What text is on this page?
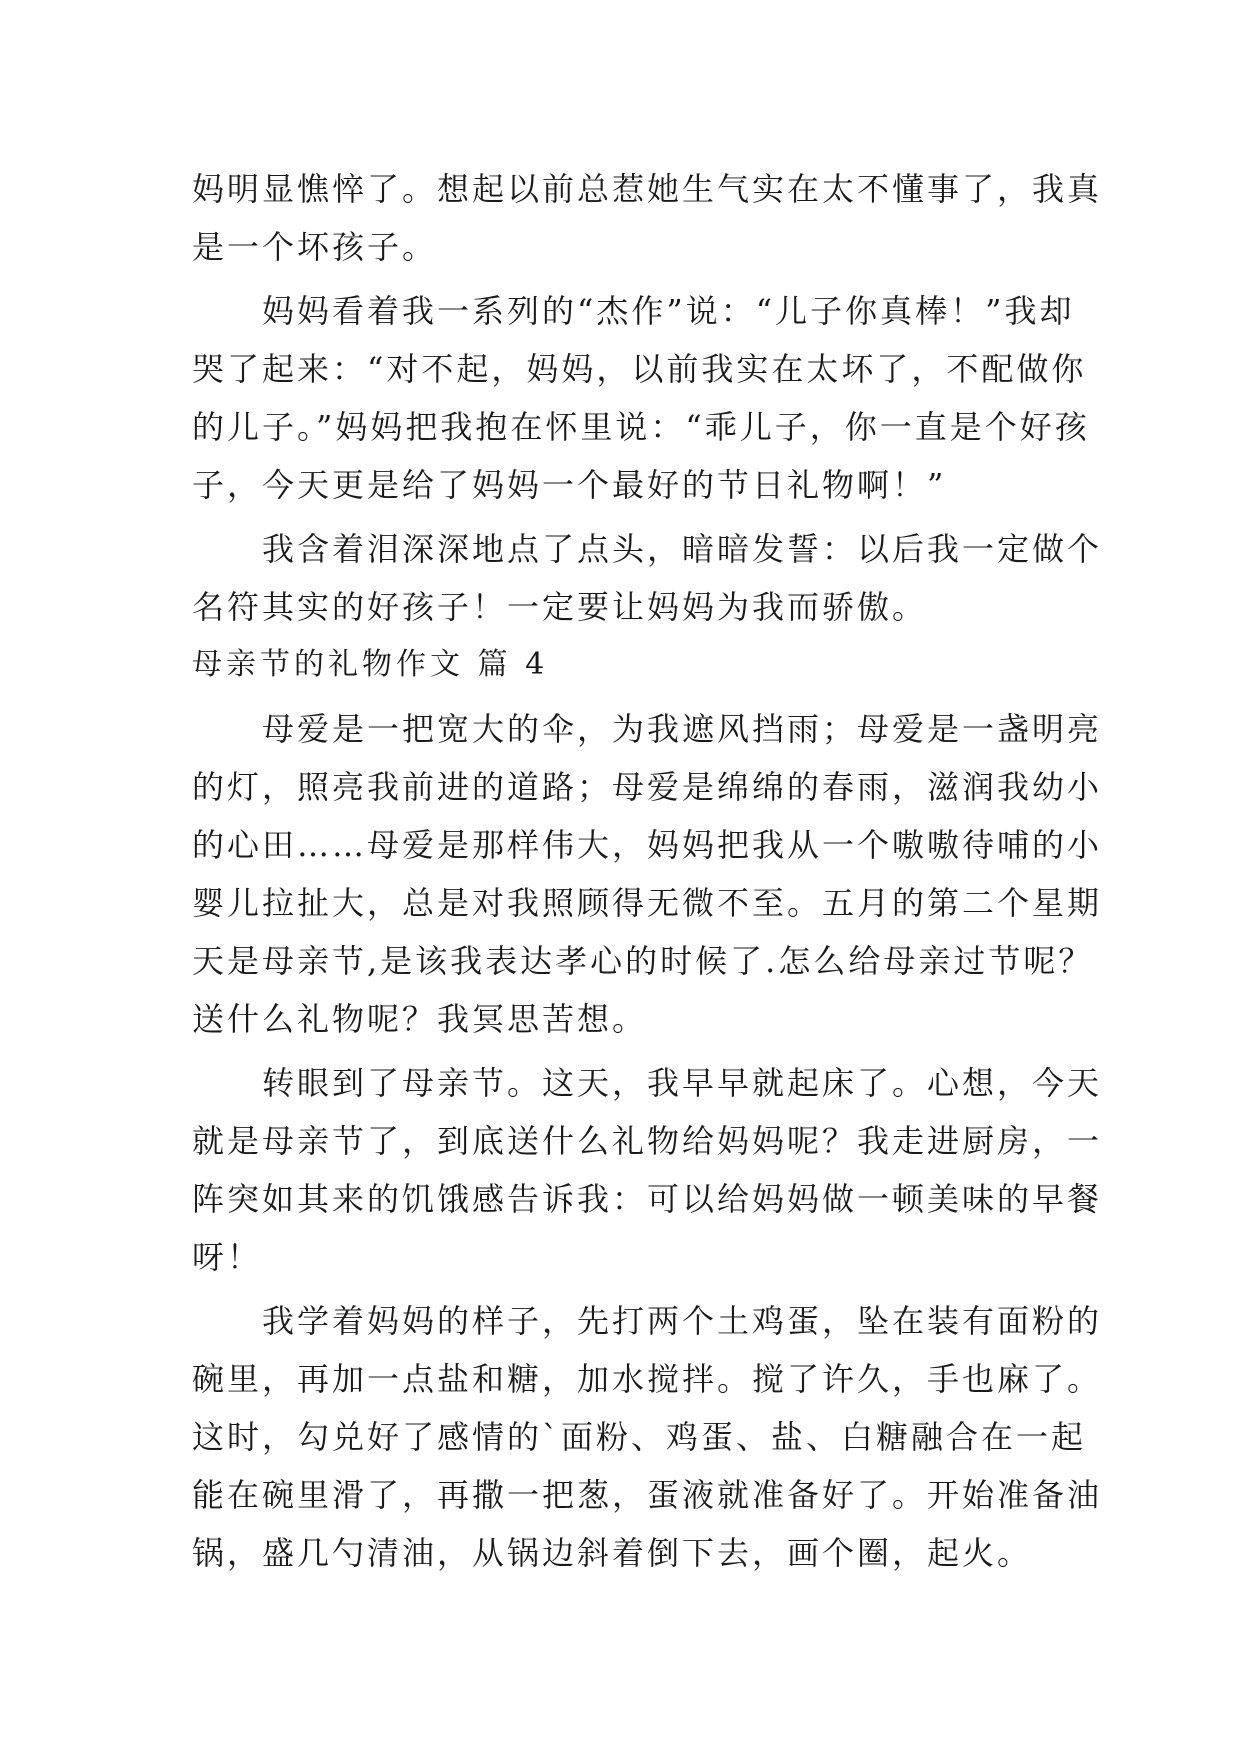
妈明显憔悴了。想起以前总惹她生气实在太不懂事了，我真
是一个坏孩子。
妈妈看着我一系列的“杰作”说：“儿子你真棒！”我却
哭了起来：“对不起，妈妈，以前我实在太坏了，不配做你
的儿子。”妈妈把我抱在怀里说：“乖儿子，你一直是个好孩
子，今天更是给了妈妈一个最好的节日礼物啊！”
我含着泪深深地点了点头，暗暗发誓：以后我一定做个
名符其实的好孩子！一定要让妈妈为我而骄傲。
母亲节的礼物作文 篇 4
母爱是一把宽大的伞，为我遮风挡雨；母爱是一盏明亮
的灯，照亮我前进的道路；母爱是绵绵的春雨，滋润我幼小
的心田……母爱是那样伟大，妈妈把我从一个嗷嗷待哺的小
婴儿拉扯大，总是对我照顾得无微不至。五月的第二个星期
天是母亲节,是该我表达孝心的时候了.怎么给母亲过节呢？
送什么礼物呢？我冥思苦想。
转眼到了母亲节。这天，我早早就起床了。心想，今天
就是母亲节了，到底送什么礼物给妈妈呢？我走进厨房，一
阵突如其来的饥饿感告诉我：可以给妈妈做一顿美味的早餐
呀！
我学着妈妈的样子，先打两个土鸡蛋，坠在装有面粉的
碗里，再加一点盐和糖，加水搅拌。搅了许久，手也麻了。
这时，勾兑好了感情的`面粉、鸡蛋、盐、白糖融合在一起
能在碗里滑了，再撒一把葱，蛋液就准备好了。开始准备油
锅，盛几勺清油，从锅边斜着倒下去，画个圈，起火。
